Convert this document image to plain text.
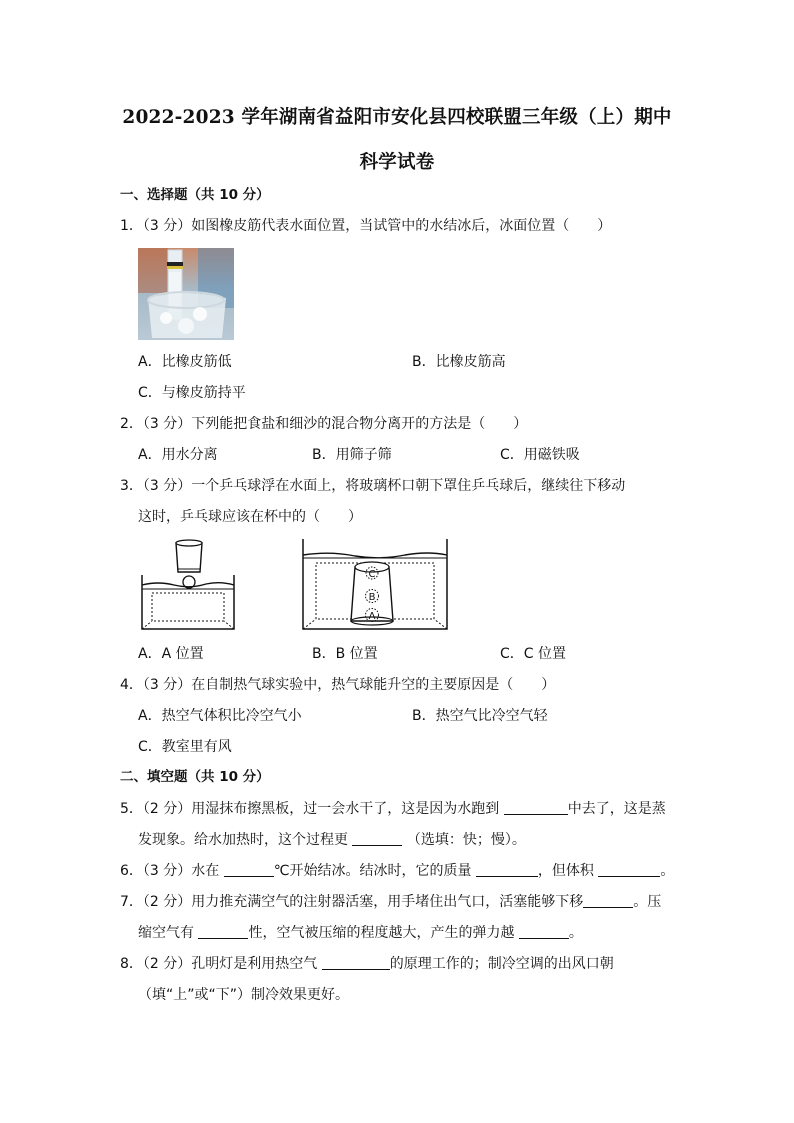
2022-2023 学年湖南省益阳市安化县四校联盟三年级（上）期中
科学试卷
一、选择题（共 10 分）
1．（3 分）如图橡皮筋代表水面位置，当试管中的水结冰后，冰面位置（　　）
A．比橡皮筋低	B．比橡皮筋高
C．与橡皮筋持平
2．（3 分）下列能把食盐和细沙的混合物分离开的方法是（　　）
A．用水分离	B．用筛子筛	C．用磁铁吸
3．（3 分）一个乒乓球浮在水面上，将玻璃杯口朝下罩住乒乓球后，继续往下移动
这时，乒乓球应该在杯中的（　　）
C
B
A
A．A 位置	B．B 位置	C．C 位置
4．（3 分）在自制热气球实验中，热气球能升空的主要原因是（　　）
A．热空气体积比冷空气小	B．热空气比冷空气轻
C．教室里有风
二、填空题（共 10 分）
5．（2 分）用湿抹布擦黑板，过一会水干了，这是因为水跑到	中去了，这是蒸
发现象。给水加热时，这个过程更	（选填：快；慢）。
6．（3 分）水在	℃开始结冰。结冰时，它的质量	，但体积	。
7．（2 分）用力推充满空气的注射器活塞，用手堵住出气口，活塞能够下移	。压
缩空气有	性，空气被压缩的程度越大，产生的弹力越	。
8．（2 分）孔明灯是利用热空气	的原理工作的；制冷空调的出风口朝
（填“上”或“下”）制冷效果更好。
